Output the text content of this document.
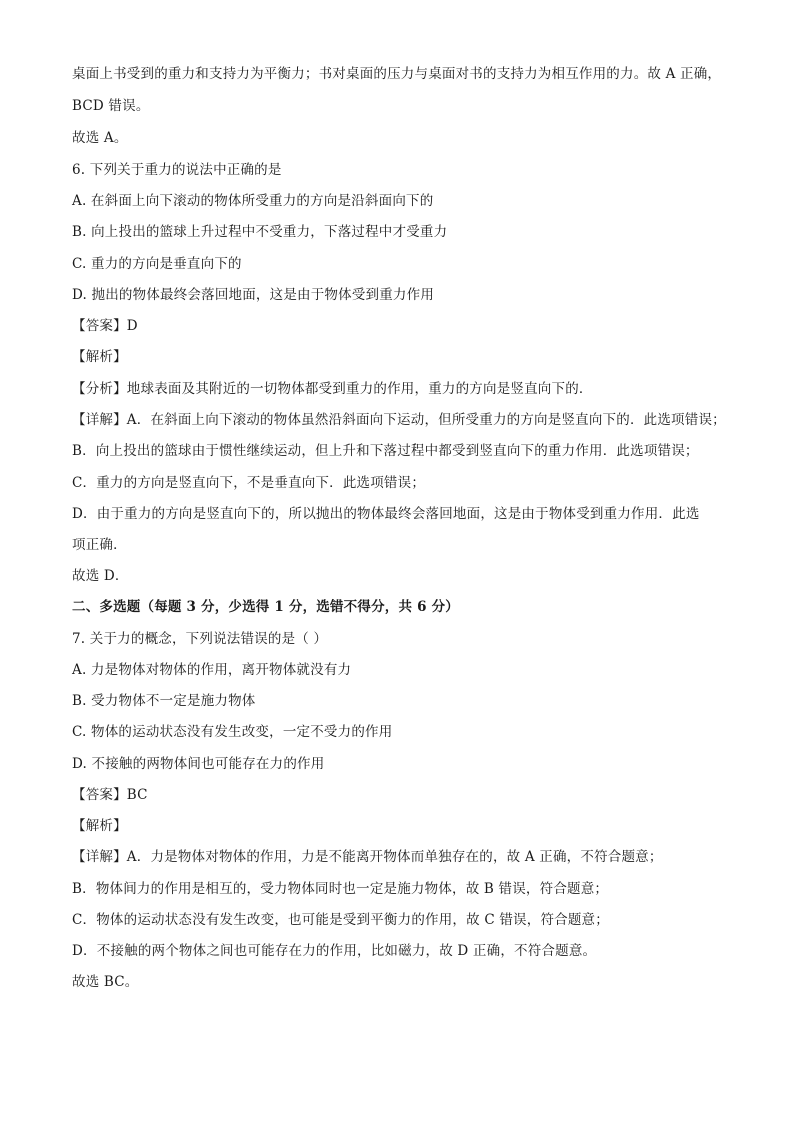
桌面上书受到的重力和支持力为平衡力；书对桌面的压力与桌面对书的支持力为相互作用的力。故 A 正确，
BCD 错误。
故选 A。
6. 下列关于重力的说法中正确的是
A. 在斜面上向下滚动的物体所受重力的方向是沿斜面向下的
B. 向上投出的篮球上升过程中不受重力，下落过程中才受重力
C. 重力的方向是垂直向下的
D. 抛出的物体最终会落回地面，这是由于物体受到重力作用
【答案】D
【解析】
【分析】地球表面及其附近的一切物体都受到重力的作用，重力的方向是竖直向下的．
【详解】A．在斜面上向下滚动的物体虽然沿斜面向下运动，但所受重力的方向是竖直向下的．此选项错误；
B．向上投出的篮球由于惯性继续运动，但上升和下落过程中都受到竖直向下的重力作用．此选项错误；
C．重力的方向是竖直向下，不是垂直向下．此选项错误；
D．由于重力的方向是竖直向下的，所以抛出的物体最终会落回地面，这是由于物体受到重力作用．此选
项正确．
故选 D．
二、多选题（每题 3 分，少选得 1 分，选错不得分，共 6 分）
7. 关于力的概念，下列说法错误的是（ ）
A. 力是物体对物体的作用，离开物体就没有力
B. 受力物体不一定是施力物体
C. 物体的运动状态没有发生改变，一定不受力的作用
D. 不接触的两物体间也可能存在力的作用
【答案】BC
【解析】
【详解】A．力是物体对物体的作用，力是不能离开物体而单独存在的，故 A 正确，不符合题意；
B．物体间力的作用是相互的，受力物体同时也一定是施力物体，故 B 错误，符合题意；
C．物体的运动状态没有发生改变，也可能是受到平衡力的作用，故 C 错误，符合题意；
D．不接触的两个物体之间也可能存在力的作用，比如磁力，故 D 正确，不符合题意。
故选 BC。
